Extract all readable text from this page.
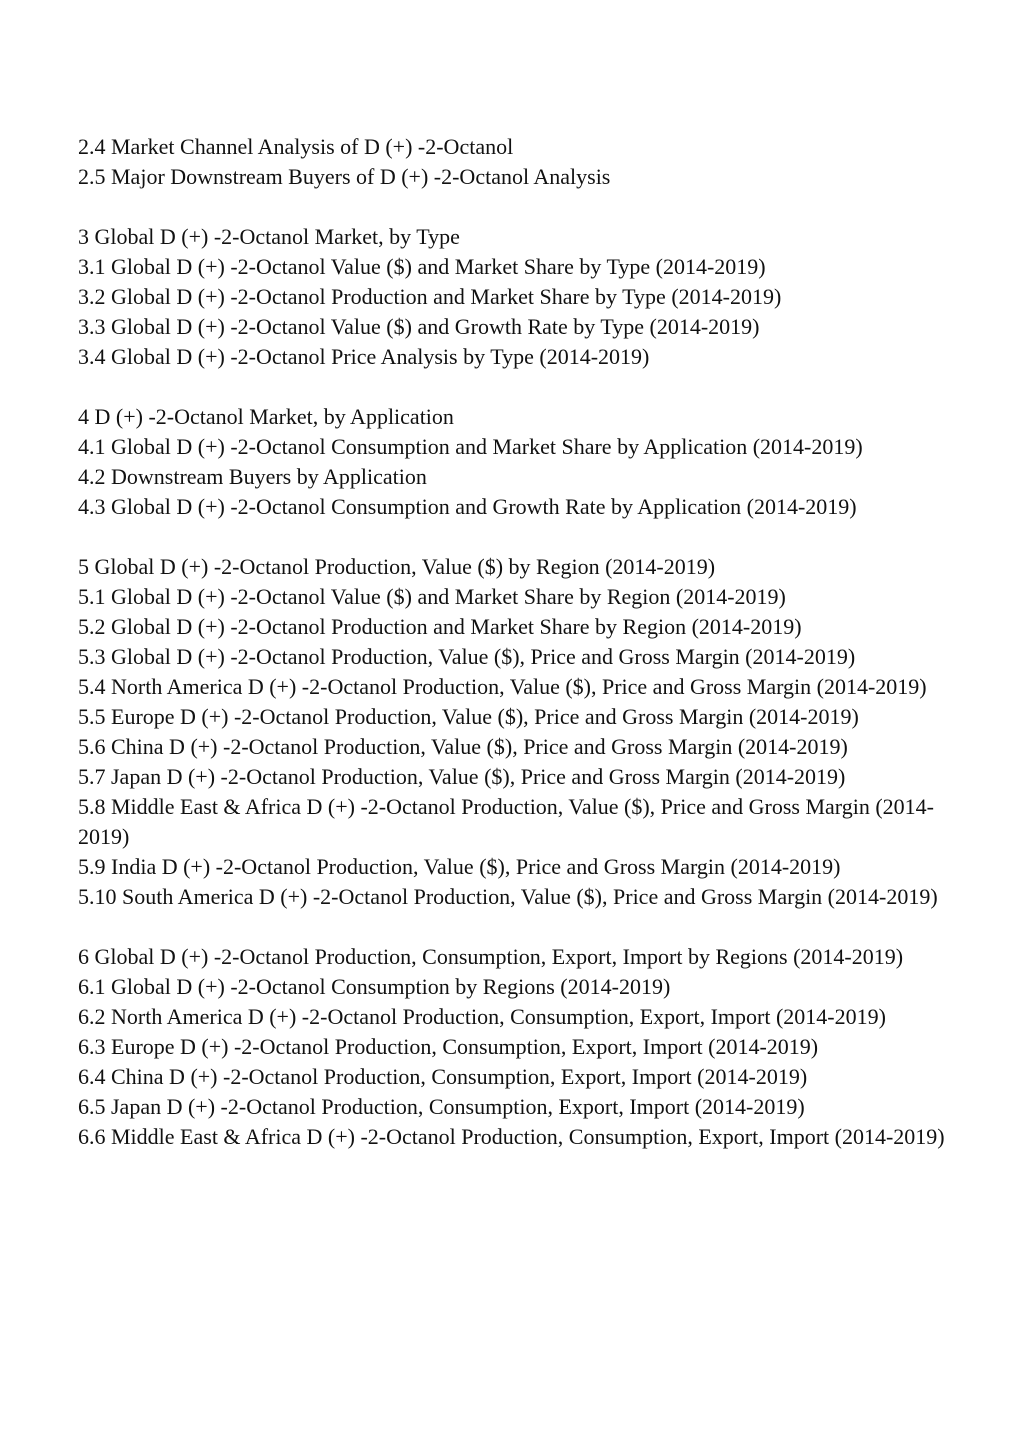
2.4 Market Channel Analysis of D (+) -2-Octanol
2.5 Major Downstream Buyers of D (+) -2-Octanol Analysis
3 Global D (+) -2-Octanol Market, by Type
3.1 Global D (+) -2-Octanol Value ($) and Market Share by Type (2014-2019)
3.2 Global D (+) -2-Octanol Production and Market Share by Type (2014-2019)
3.3 Global D (+) -2-Octanol Value ($) and Growth Rate by Type (2014-2019)
3.4 Global D (+) -2-Octanol Price Analysis by Type (2014-2019)
4 D (+) -2-Octanol Market, by Application
4.1 Global D (+) -2-Octanol Consumption and Market Share by Application (2014-2019)
4.2 Downstream Buyers by Application
4.3 Global D (+) -2-Octanol Consumption and Growth Rate by Application (2014-2019)
5 Global D (+) -2-Octanol Production, Value ($) by Region (2014-2019)
5.1 Global D (+) -2-Octanol Value ($) and Market Share by Region (2014-2019)
5.2 Global D (+) -2-Octanol Production and Market Share by Region (2014-2019)
5.3 Global D (+) -2-Octanol Production, Value ($), Price and Gross Margin (2014-2019)
5.4 North America D (+) -2-Octanol Production, Value ($), Price and Gross Margin (2014-2019)
5.5 Europe D (+) -2-Octanol Production, Value ($), Price and Gross Margin (2014-2019)
5.6 China D (+) -2-Octanol Production, Value ($), Price and Gross Margin (2014-2019)
5.7 Japan D (+) -2-Octanol Production, Value ($), Price and Gross Margin (2014-2019)
5.8 Middle East & Africa D (+) -2-Octanol Production, Value ($), Price and Gross Margin (2014-2019)
5.9 India D (+) -2-Octanol Production, Value ($), Price and Gross Margin (2014-2019)
5.10 South America D (+) -2-Octanol Production, Value ($), Price and Gross Margin (2014-2019)
6 Global D (+) -2-Octanol Production, Consumption, Export, Import by Regions (2014-2019)
6.1 Global D (+) -2-Octanol Consumption by Regions (2014-2019)
6.2 North America D (+) -2-Octanol Production, Consumption, Export, Import (2014-2019)
6.3 Europe D (+) -2-Octanol Production, Consumption, Export, Import (2014-2019)
6.4 China D (+) -2-Octanol Production, Consumption, Export, Import (2014-2019)
6.5 Japan D (+) -2-Octanol Production, Consumption, Export, Import (2014-2019)
6.6 Middle East & Africa D (+) -2-Octanol Production, Consumption, Export, Import (2014-2019)
